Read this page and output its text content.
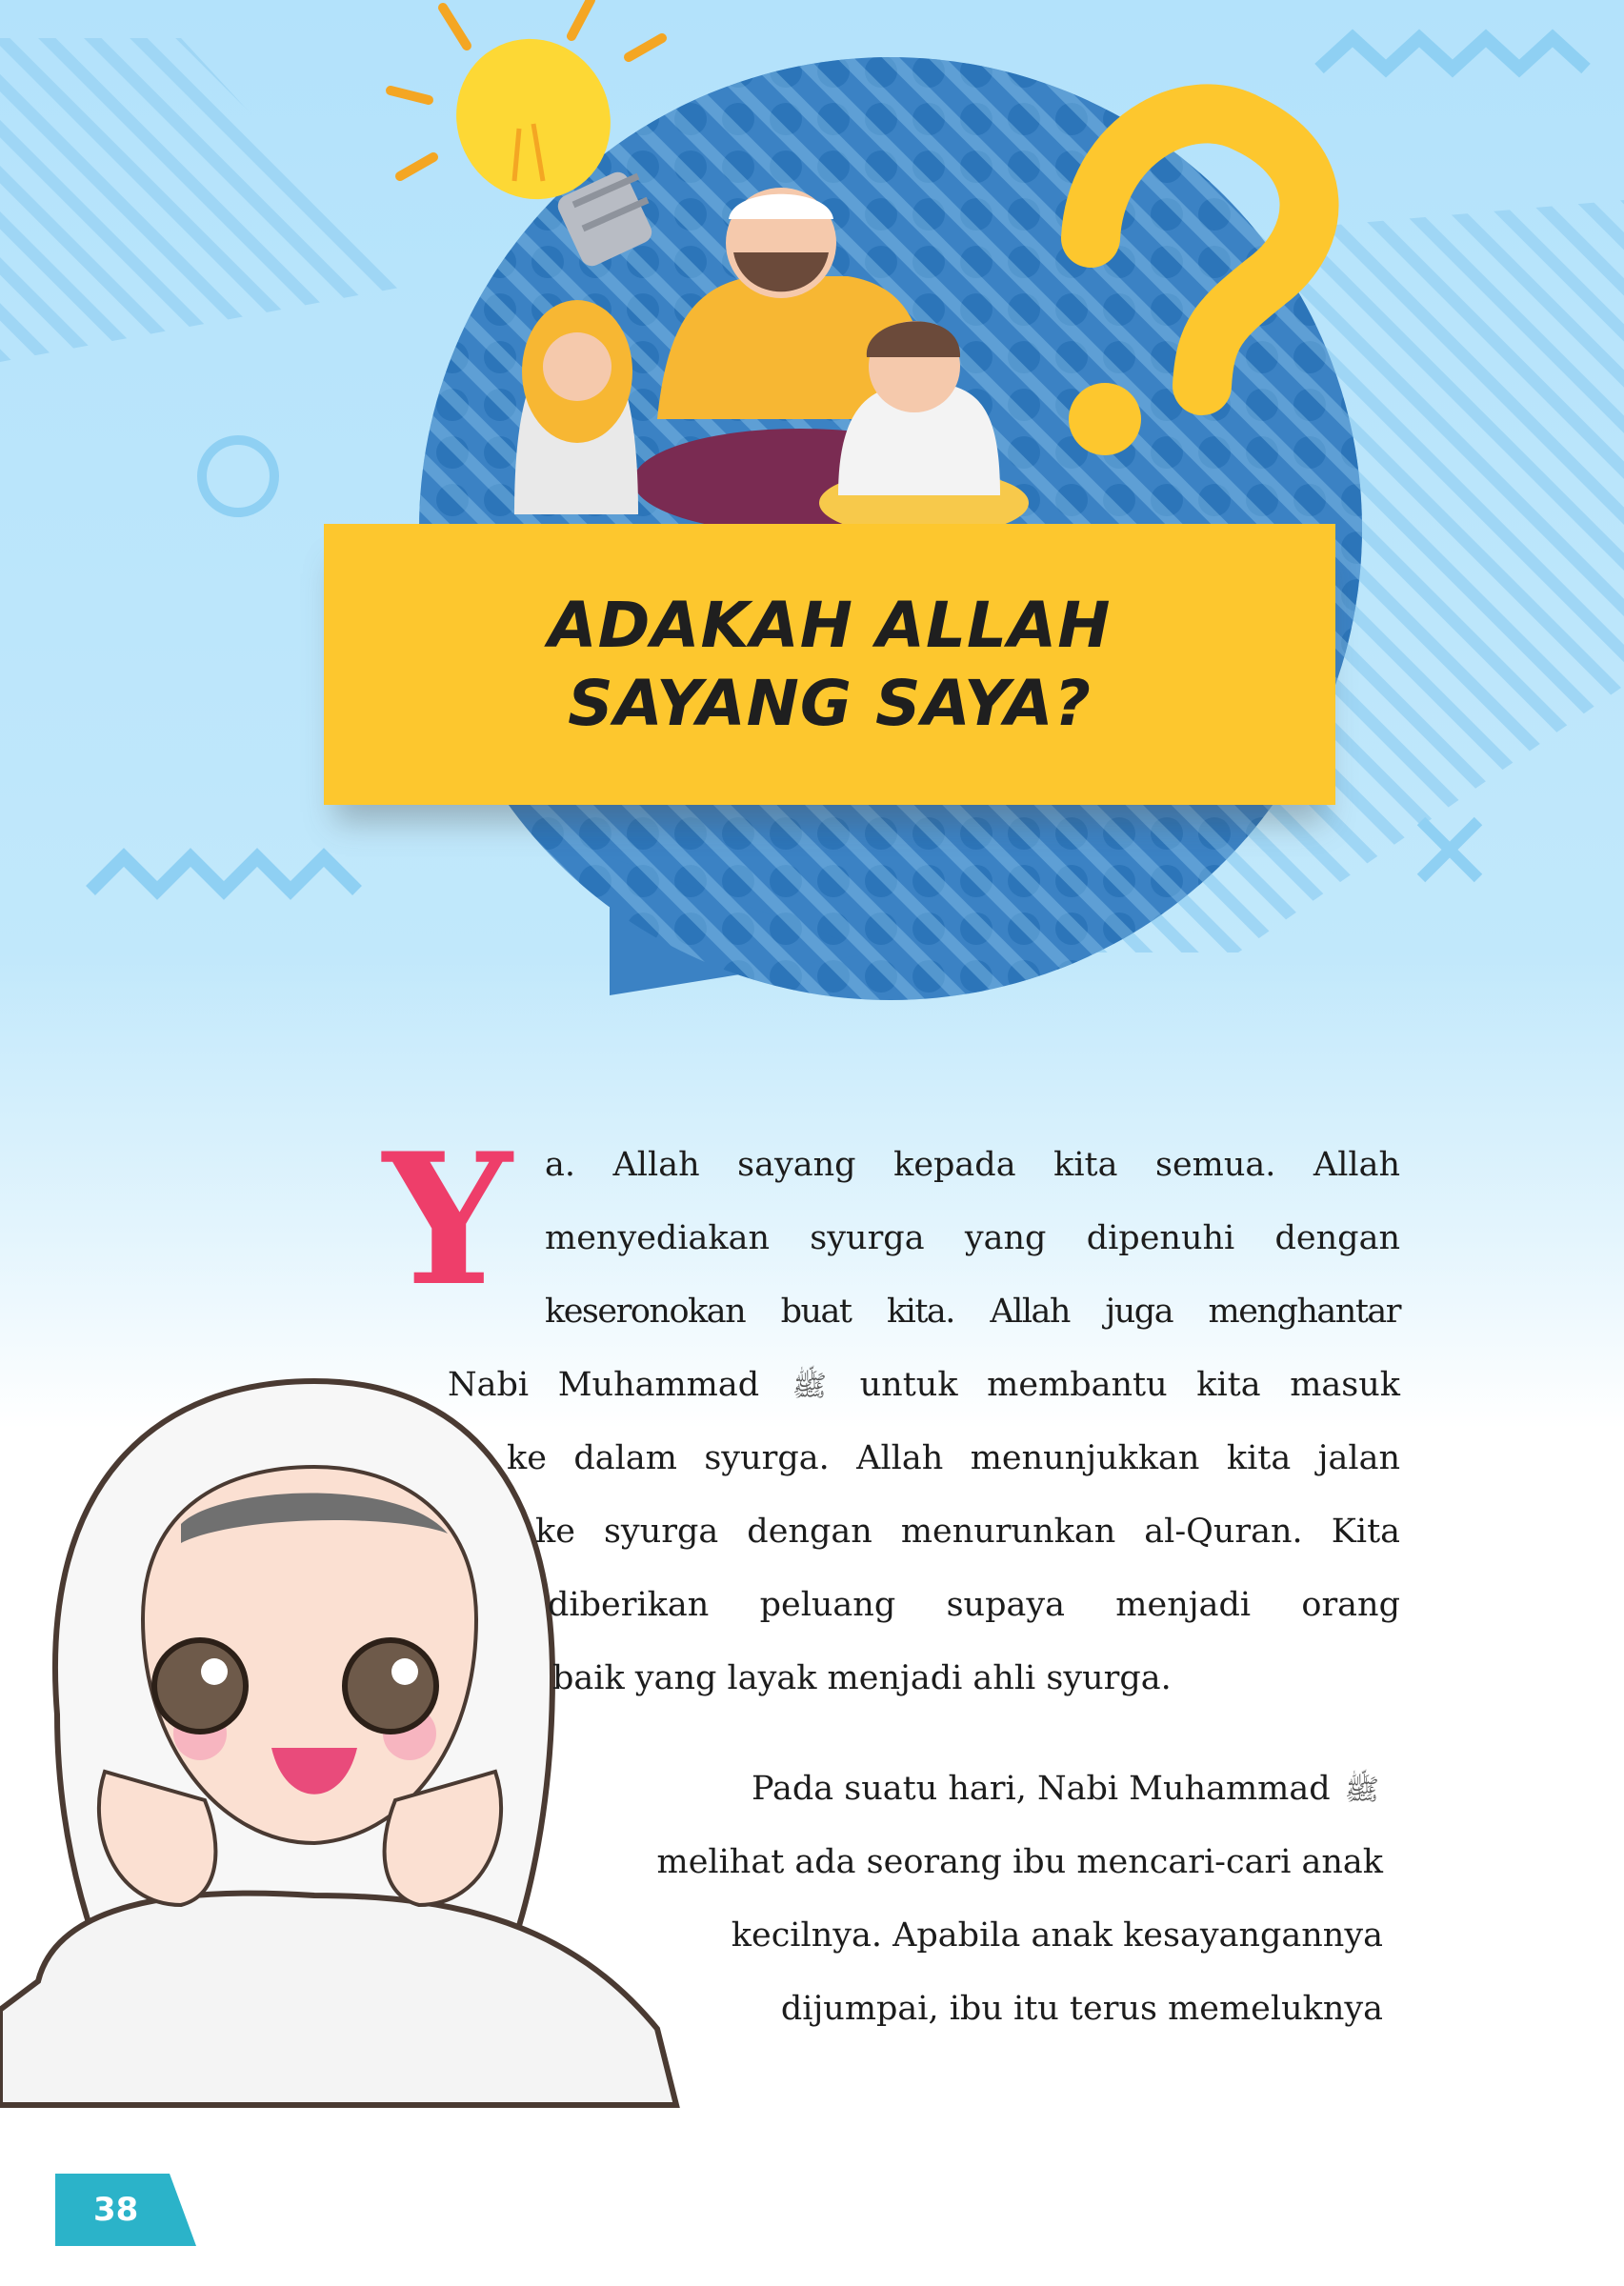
ADAKAH ALLAH
SAYANG SAYA?
Y a. Allah sayang kepada kita semua. Allah
menyediakan syurga yang dipenuhi dengan
keseronokan buat kita. Allah juga menghantar
Nabi Muhammad ﷺ untuk membantu kita masuk
ke dalam syurga. Allah menunjukkan kita jalan
ke syurga dengan menurunkan al-Quran. Kita
diberikan peluang supaya menjadi orang
baik yang layak menjadi ahli syurga.
Pada suatu hari, Nabi Muhammad ﷺ
melihat ada seorang ibu mencari-cari anak
kecilnya. Apabila anak kesayangannya
dijumpai, ibu itu terus memeluknya
38
